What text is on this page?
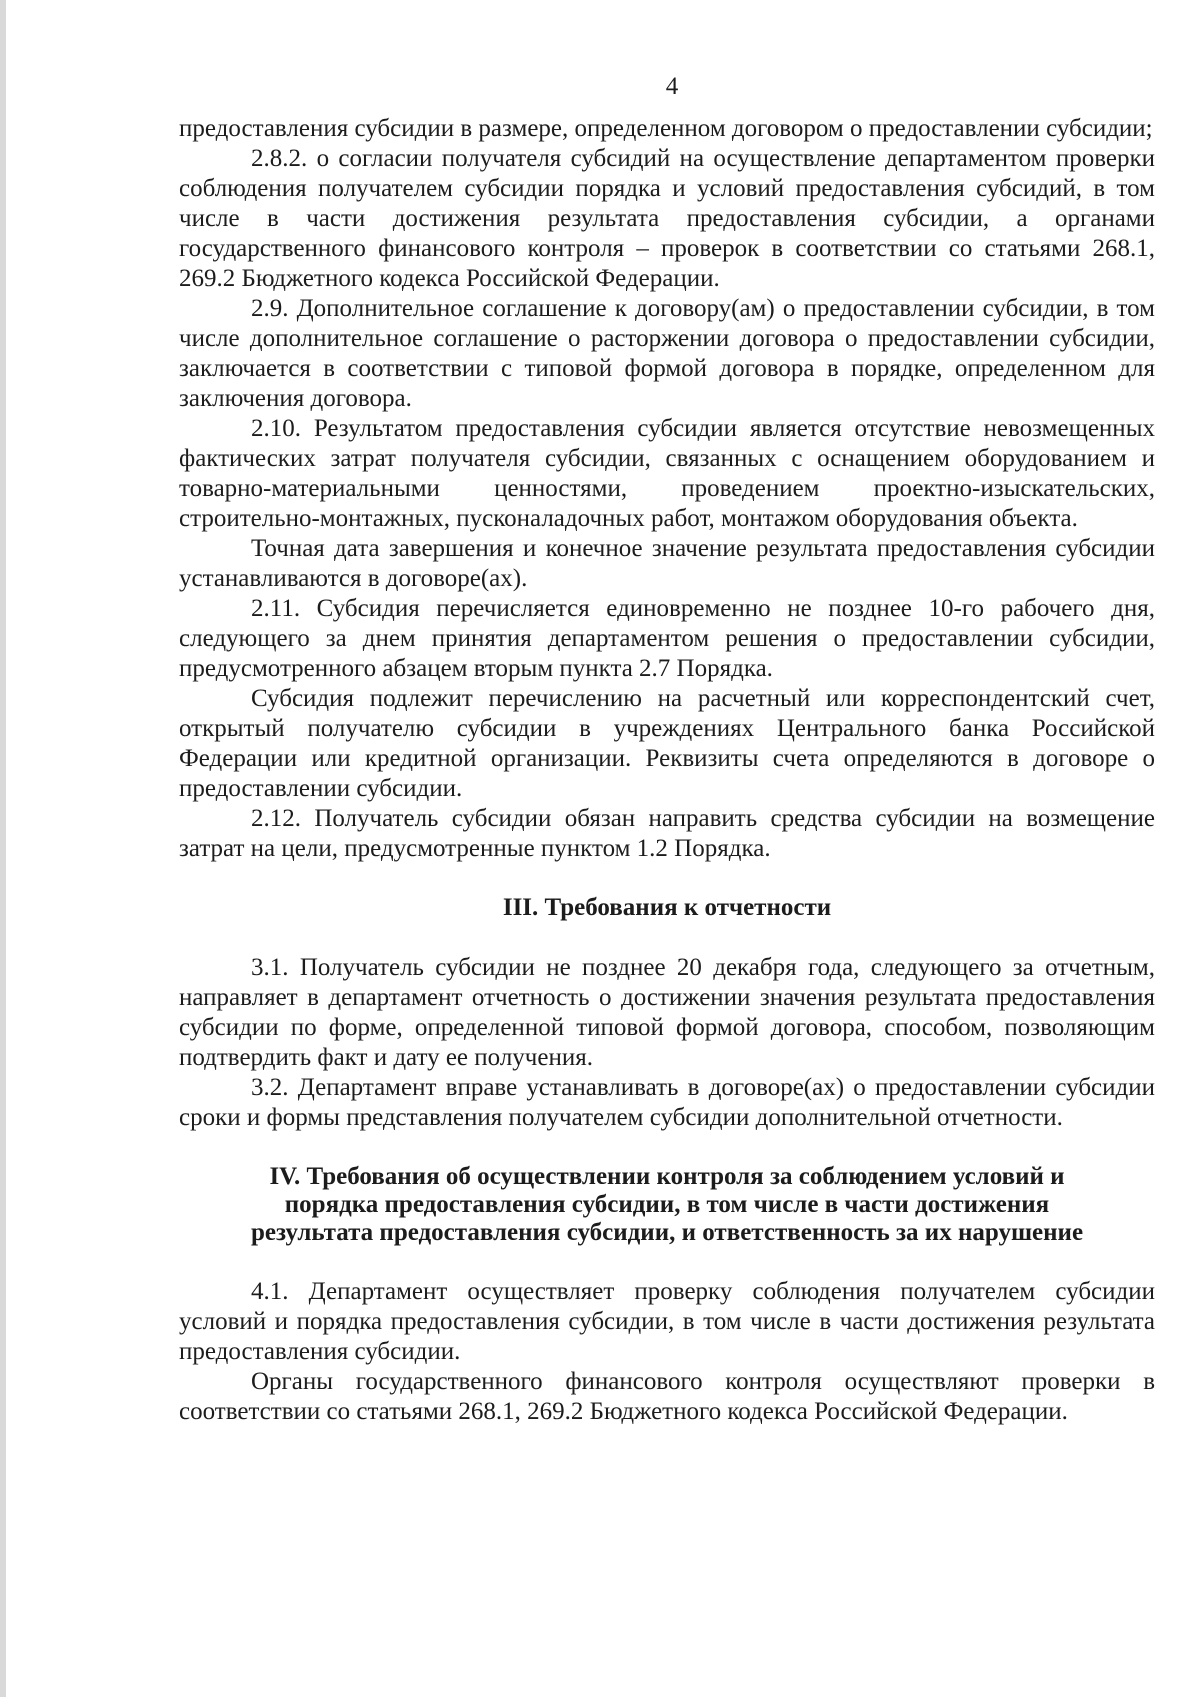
4

предоставления субсидии в размере, определенном договором о предоставлении субсидии;

2.8.2. о согласии получателя субсидий на осуществление департаментом проверки соблюдения получателем субсидии порядка и условий предоставления субсидий, в том числе в части достижения результата предоставления субсидии, а органами государственного финансового контроля – проверок в соответствии со статьями 268.1, 269.2 Бюджетного кодекса Российской Федерации.

2.9. Дополнительное соглашение к договору(ам) о предоставлении субсидии, в том числе дополнительное соглашение о расторжении договора о предоставлении субсидии, заключается в соответствии с типовой формой договора в порядке, определенном для заключения договора.

2.10. Результатом предоставления субсидии является отсутствие невозмещенных фактических затрат получателя субсидии, связанных с оснащением оборудованием и товарно-материальными ценностями, проведением проектно-изыскательских, строительно-монтажных, пусконаладочных работ, монтажом оборудования объекта.

Точная дата завершения и конечное значение результата предоставления субсидии устанавливаются в договоре(ах).

2.11. Субсидия перечисляется единовременно не позднее 10-го рабочего дня, следующего за днем принятия департаментом решения о предоставлении субсидии, предусмотренного абзацем вторым пункта 2.7 Порядка.

Субсидия подлежит перечислению на расчетный или корреспондентский счет, открытый получателю субсидии в учреждениях Центрального банка Российской Федерации или кредитной организации. Реквизиты счета определяются в договоре о предоставлении субсидии.

2.12. Получатель субсидии обязан направить средства субсидии на возмещение затрат на цели, предусмотренные пунктом 1.2 Порядка.

III. Требования к отчетности

3.1. Получатель субсидии не позднее 20 декабря года, следующего за отчетным, направляет в департамент отчетность о достижении значения результата предоставления субсидии по форме, определенной типовой формой договора, способом, позволяющим подтвердить факт и дату ее получения.

3.2. Департамент вправе устанавливать в договоре(ах) о предоставлении субсидии сроки и формы представления получателем субсидии дополнительной отчетности.

IV. Требования об осуществлении контроля за соблюдением условий и
порядка предоставления субсидии, в том числе в части достижения
результата предоставления субсидии, и ответственность за их нарушение

4.1. Департамент осуществляет проверку соблюдения получателем субсидии условий и порядка предоставления субсидии, в том числе в части достижения результата предоставления субсидии.

Органы государственного финансового контроля осуществляют проверки в соответствии со статьями 268.1, 269.2 Бюджетного кодекса Российской Федерации.
